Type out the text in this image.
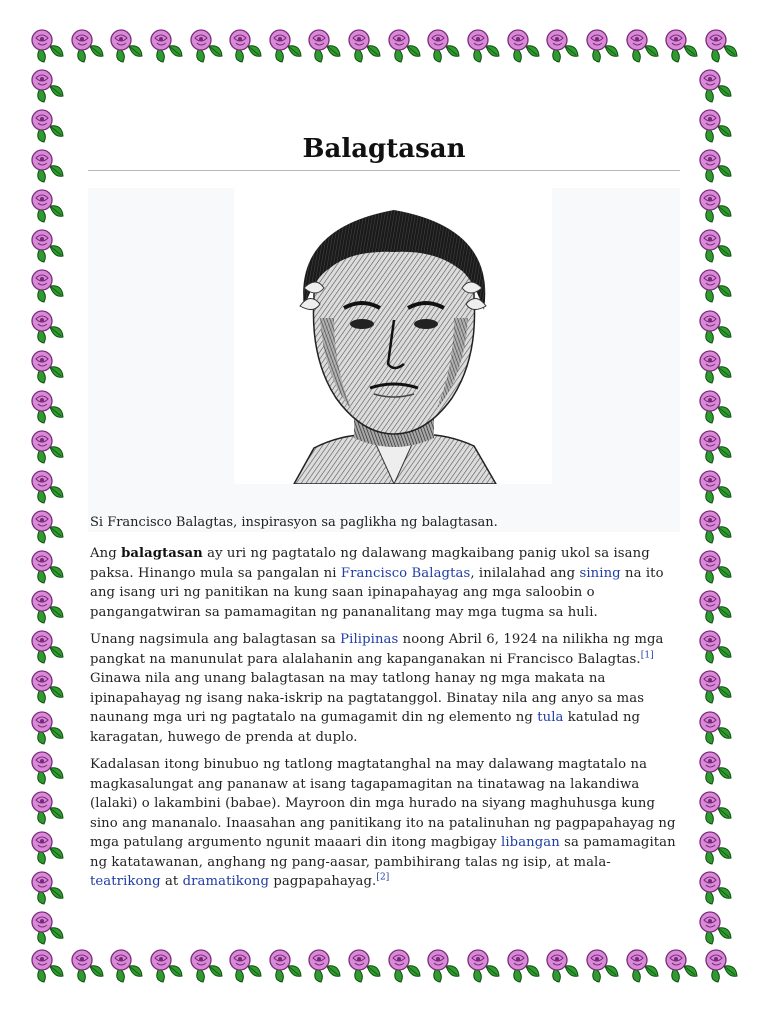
Balagtasan
Si Francisco Balagtas, inspirasyon sa paglikha ng balagtasan.

Ang balagtasan ay uri ng pagtatalo ng dalawang magkaibang panig ukol sa isang paksa. Hinango mula sa pangalan ni Francisco Balagtas, inilalahad ang sining na ito ang isang uri ng panitikan na kung saan ipinapahayag ang mga saloobin o pangangatwiran sa pamamagitan ng pananalitang may mga tugma sa huli.

Unang nagsimula ang balagtasan sa Pilipinas noong Abril 6, 1924 na nilikha ng mga pangkat na manunulat para alalahanin ang kapanganakan ni Francisco Balagtas.[1] Ginawa nila ang unang balagtasan na may tatlong hanay ng mga makata na ipinapahayag ng isang naka-iskrip na pagtatanggol. Binatay nila ang anyo sa mas naunang mga uri ng pagtatalo na gumagamit din ng elemento ng tula katulad ng karagatan, huwego de prenda at duplo.

Kadalasan itong binubuo ng tatlong magtatanghal na may dalawang magtatalo na magkasalungat ang pananaw at isang tagapamagitan na tinatawag na lakandiwa (lalaki) o lakambini (babae). Mayroon din mga hurado na siyang maghuhusga kung sino ang mananalo. Inaasahan ang panitikang ito na patalinuhan ng pagpapahayag ng mga patulang argumento ngunit maaari din itong magbigay libangan sa pamamagitan ng katatawanan, anghang ng pang-aasar, pambihirang talas ng isip, at mala-
teatrikong at dramatikong pagpapahayag.[2]
